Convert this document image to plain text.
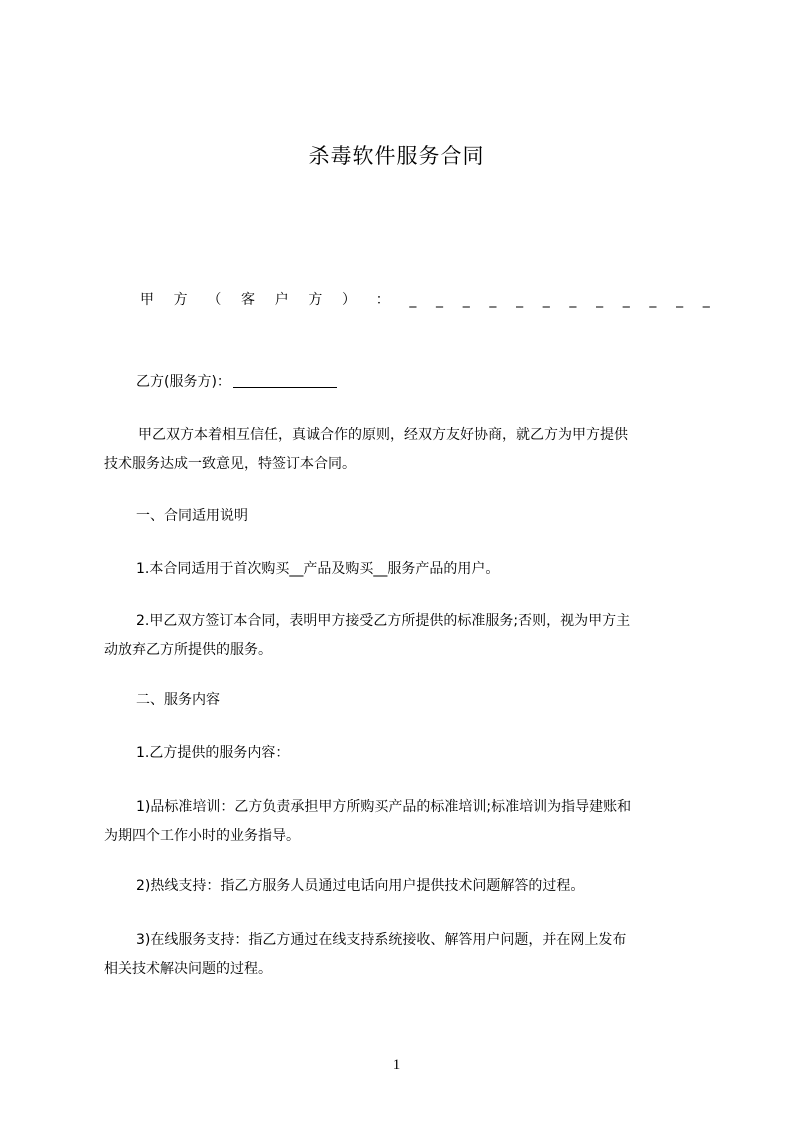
杀毒软件服务合同
甲 方 （ 客 户 方 ） ： _ _ _ _ _ _ _ _ _ _ _ _
乙方(服务方)：
甲乙双方本着相互信任，真诚合作的原则，经双方友好协商，就乙方为甲方提供
技术服务达成一致意见，特签订本合同。
一、合同适用说明
1.本合同适用于首次购买__产品及购买__服务产品的用户。
2.甲乙双方签订本合同，表明甲方接受乙方所提供的标准服务;否则，视为甲方主
动放弃乙方所提供的服务。
二、服务内容
1.乙方提供的服务内容：
1)品标准培训：乙方负责承担甲方所购买产品的标准培训;标准培训为指导建账和
为期四个工作小时的业务指导。
2)热线支持：指乙方服务人员通过电话向用户提供技术问题解答的过程。
3)在线服务支持：指乙方通过在线支持系统接收、解答用户问题，并在网上发布
相关技术解决问题的过程。
1
